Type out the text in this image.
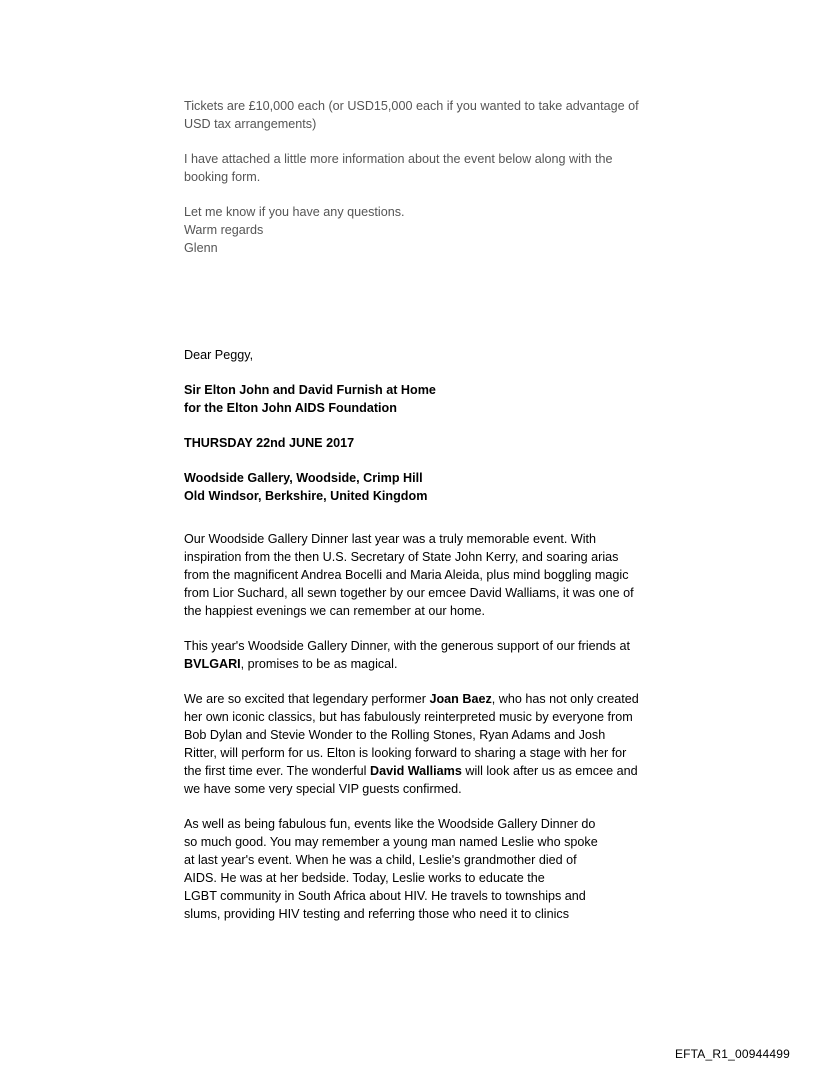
Tickets are £10,000 each (or USD15,000 each if you wanted to take advantage of USD tax arrangements)

I have attached a little more information about the event below along with the booking form.

Let me know if you have any questions.

Warm regards

Glenn

Dear Peggy,

Sir Elton John and David Furnish at Home

for the Elton John AIDS Foundation

THURSDAY 22nd JUNE 2017

Woodside Gallery, Woodside, Crimp Hill

Old Windsor, Berkshire, United Kingdom

Our Woodside Gallery Dinner last year was a truly memorable event. With inspiration from the then U.S. Secretary of State John Kerry, and soaring arias from the magnificent Andrea Bocelli and Maria Aleida, plus mind boggling magic from Lior Suchard, all sewn together by our emcee David Walliams, it was one of the happiest evenings we can remember at our home.

This year's Woodside Gallery Dinner, with the generous support of our friends at BVLGARI, promises to be as magical.

We are so excited that legendary performer Joan Baez, who has not only created her own iconic classics, but has fabulously reinterpreted music by everyone from Bob Dylan and Stevie Wonder to the Rolling Stones, Ryan Adams and Josh Ritter, will perform for us. Elton is looking forward to sharing a stage with her for the first time ever. The wonderful David Walliams will look after us as emcee and we have some very special VIP guests confirmed.

As well as being fabulous fun, events like the Woodside Gallery Dinner do

so much good. You may remember a young man named Leslie who spoke

at last year's event. When he was a child, Leslie's grandmother died of

AIDS. He was at her bedside. Today, Leslie works to educate the

LGBT community in South Africa about HIV. He travels to townships and

slums, providing HIV testing and referring those who need it to clinics

EFTA_R1_00944499
